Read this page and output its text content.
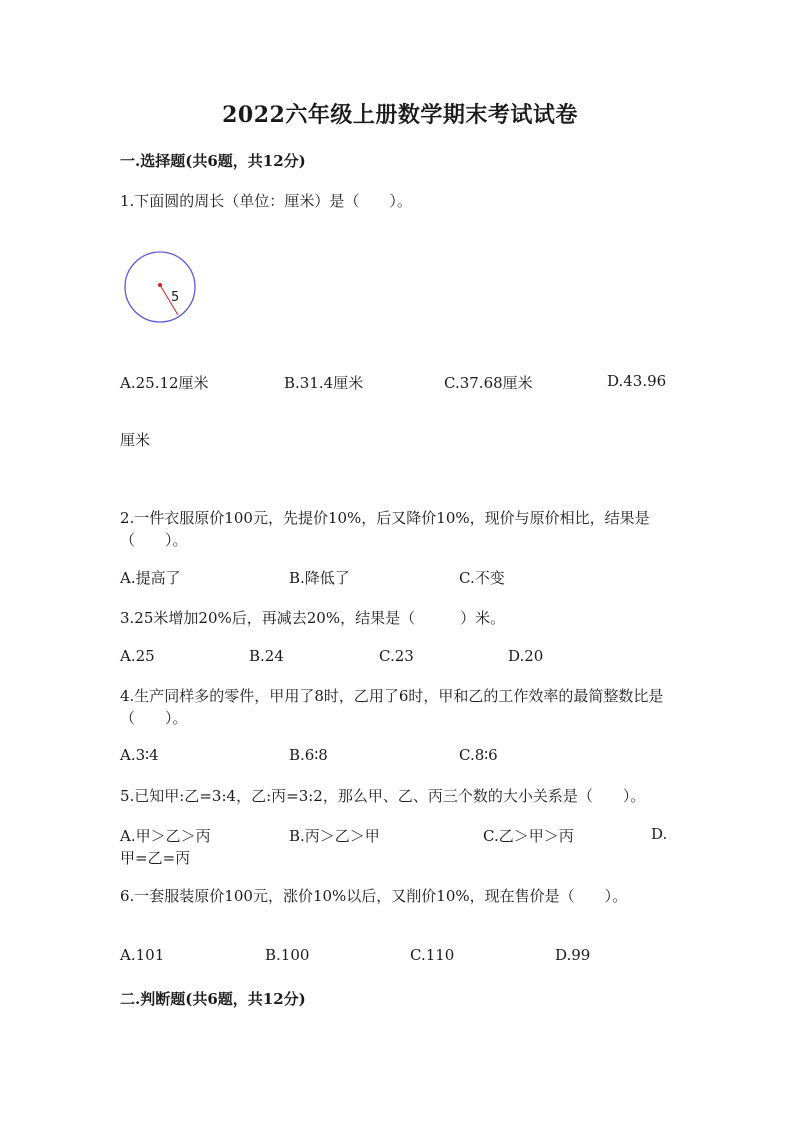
2022六年级上册数学期末考试试卷
一.选择题(共6题，共12分)
1.下面圆的周长（单位：厘米）是（　　）。
5
A.25.12厘米	B.31.4厘米	C.37.68厘米	D.43.96
厘米
2.一件衣服原价100元，先提价10%，后又降价10%，现价与原价相比，结果是（　　）。
A.提高了	B.降低了	C.不变
3.25米增加20%后，再减去20%，结果是（　　　）米。
A.25	B.24	C.23	D.20
4.生产同样多的零件，甲用了8时，乙用了6时，甲和乙的工作效率的最简整数比是（　　）。
A.3∶4	B.6∶8	C.8∶6
5.已知甲:乙=3:4，乙:丙=3:2，那么甲、乙、丙三个数的大小关系是（　　）。
A.甲＞乙＞丙	B.丙＞乙＞甲	C.乙＞甲＞丙	D.
甲=乙=丙
6.一套服装原价100元，涨价10%以后，又削价10%，现在售价是（　　）。
A.101	B.100	C.110	D.99
二.判断题(共6题，共12分)
